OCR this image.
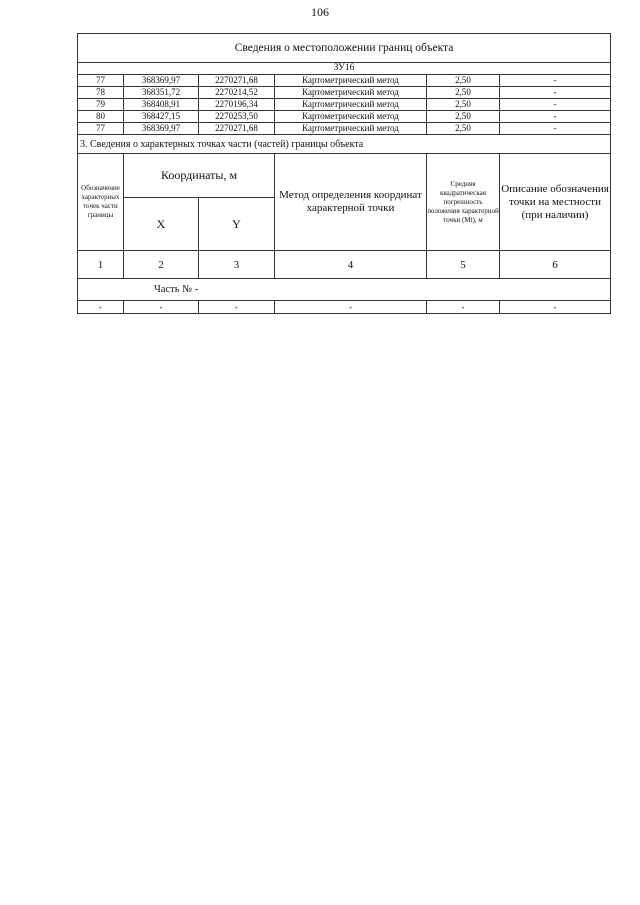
106
Сведения о местоположении границ объекта					
ЗУ16					
77	368369,97	2270271,68	Картометрический метод	2,50	-
78	368351,72	2270214,52	Картометрический метод	2,50	-
79	368408,91	2270196,34	Картометрический метод	2,50	-
80	368427,15	2270253,50	Картометрический метод	2,50	-
77	368369,97	2270271,68	Картометрический метод	2,50	-
3. Сведения о характерных точках части (частей) границы объекта					
Обозначение характерных точек части границы	Координаты, м		Метод определения координат характерной точки	Средняя квадратическая погрешность положения характерной точки (Мt), м	Описание обозначения точки на местности (при наличии)
	X	Y			
1	2	3	4	5	6
Часть № -					
-	-	-	-	-	-
